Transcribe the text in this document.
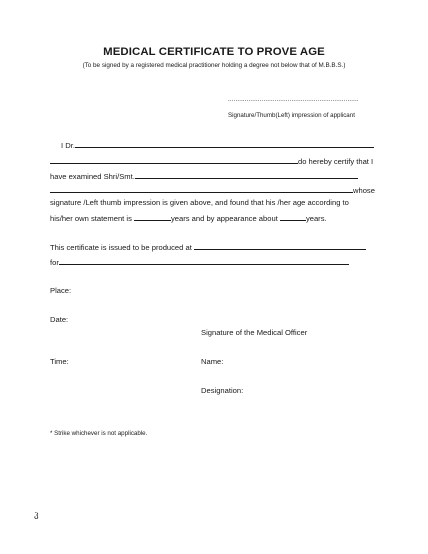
MEDICAL CERTIFICATE TO PROVE AGE
(To be signed by a registered medical practitioner holding a degree not below that of M.B.B.S.)
......................................................................
Signature/Thumb(Left) impression of applicant
I Dr.
do hereby certify that I
have examined Shri/Smt.
whose
signature /Left thumb impression is given above, and found that his /her age according to
his/her own statement is	years and by appearance about	years.
This certificate is issued to be produced at
for
Place:
Date:
Signature of the Medical Officer
Time:	Name:
Designation:
* Strike whichever is not applicable.
ჰ
